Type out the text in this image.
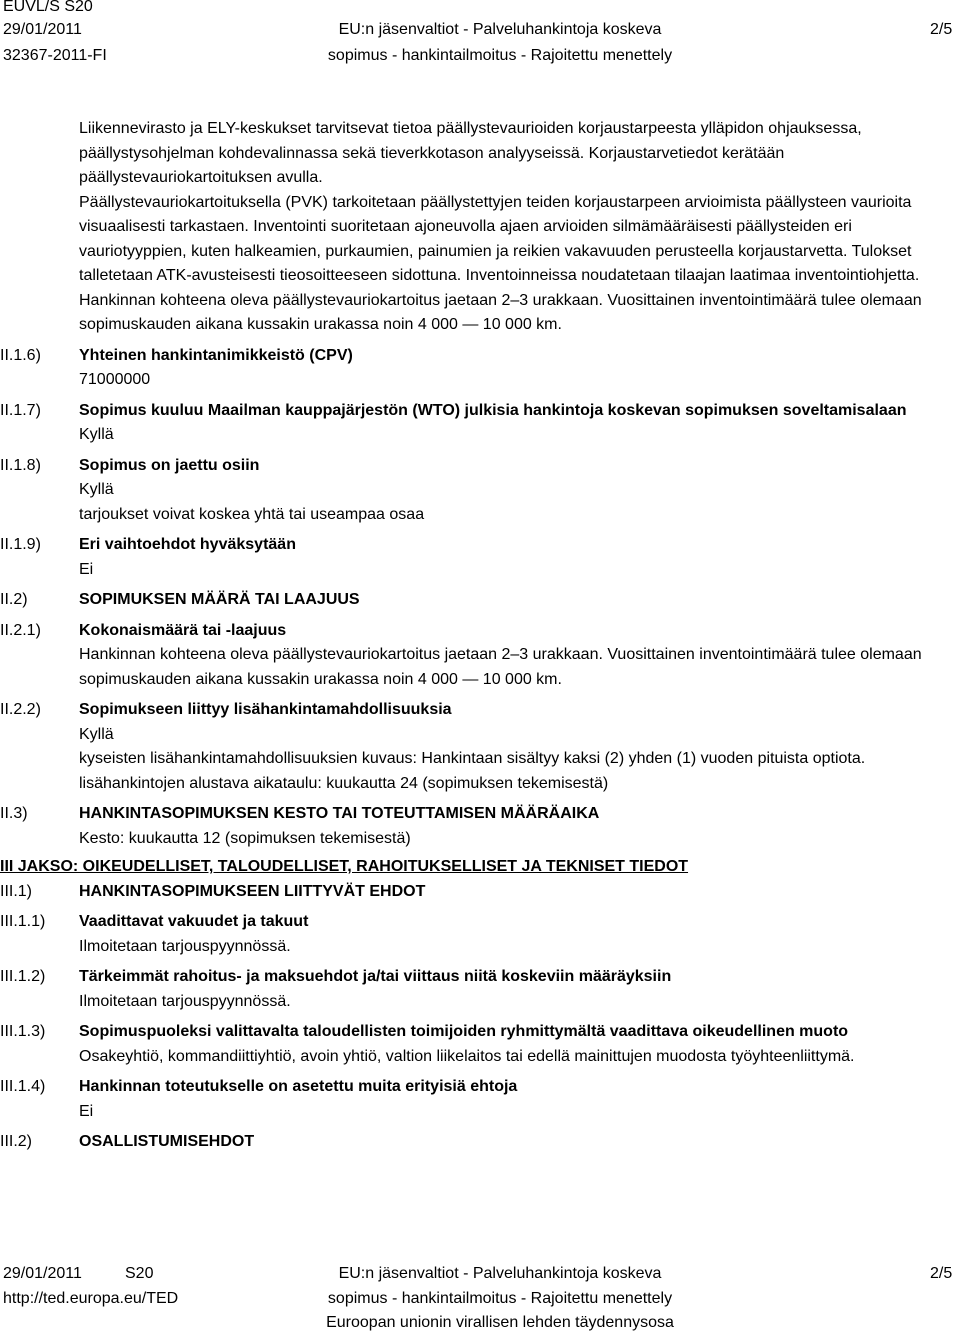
EUVL/S S20
29/01/2011
32367-2011-FI
EU:n jäsenvaltiot - Palveluhankintoja koskeva
sopimus - hankintailmoitus - Rajoitettu menettely
2/5

Liikennevirasto ja ELY-keskukset tarvitsevat tietoa päällystevaurioiden korjaustarpeesta ylläpidon ohjauksessa, päällystysohjelman kohdevalinnassa sekä tieverkkotason analyyseissä. Korjaustarvetiedot kerätään päällystevauriokartoituksen avulla.

Päällystevauriokartoituksella (PVK) tarkoitetaan päällystettyjen teiden korjaustarpeen arvioimista päällysteen vaurioita visuaalisesti tarkastaen. Inventointi suoritetaan ajoneuvolla ajaen arvioiden silmämääräisesti päällysteiden eri vauriotyyppien, kuten halkeamien, purkaumien, painumien ja reikien vakavuuden perusteella korjaustarvetta. Tulokset talletetaan ATK-avusteisesti tieosoitteeseen sidottuna. Inventoinneissa noudatetaan tilaajan laatimaa inventointiohjetta.

Hankinnan kohteena oleva päällystevauriokartoitus jaetaan 2–3 urakkaan. Vuosittainen inventointimäärä tulee olemaan sopimuskauden aikana kussakin urakassa noin 4 000 — 10 000 km.

II.1.6) Yhteinen hankintanimikkeistö (CPV)
71000000
II.1.7) Sopimus kuuluu Maailman kauppajärjestön (WTO) julkisia hankintoja koskevan sopimuksen soveltamisalaan
Kyllä
II.1.8) Sopimus on jaettu osiin
Kyllä
tarjoukset voivat koskea yhtä tai useampaa osaa
II.1.9) Eri vaihtoehdot hyväksytään
Ei
II.2)	SOPIMUKSEN MÄÄRÄ TAI LAAJUUS
II.2.1) Kokonaismäärä tai -laajuus
Hankinnan kohteena oleva päällystevauriokartoitus jaetaan 2–3 urakkaan. Vuosittainen inventointimäärä tulee olemaan sopimuskauden aikana kussakin urakassa noin 4 000 — 10 000 km.
II.2.2) Sopimukseen liittyy lisähankintamahdollisuuksia
Kyllä
kyseisten lisähankintamahdollisuuksien kuvaus: Hankintaan sisältyy kaksi (2) yhden (1) vuoden pituista optiota.
lisähankintojen alustava aikataulu: kuukautta 24 (sopimuksen tekemisestä)
II.3)	HANKINTASOPIMUKSEN KESTO TAI TOTEUTTAMISEN MÄÄRÄAIKA
Kesto: kuukautta 12 (sopimuksen tekemisestä)
III JAKSO: OIKEUDELLISET, TALOUDELLISET, RAHOITUKSELLISET JA TEKNISET TIEDOT
III.1)	HANKINTASOPIMUKSEEN LIITTYVÄT EHDOT
III.1.1) Vaadittavat vakuudet ja takuut
Ilmoitetaan tarjouspyynnössä.
III.1.2) Tärkeimmät rahoitus- ja maksuehdot ja/tai viittaus niitä koskeviin määräyksiin
Ilmoitetaan tarjouspyynnössä.
III.1.3) Sopimuspuoleksi valittavalta taloudellisten toimijoiden ryhmittymältä vaadittava oikeudellinen muoto
Osakeyhtiö, kommandiittiyhtiö, avoin yhtiö, valtion liikelaitos tai edellä mainittujen muodosta työyhteenliittymä.
III.1.4) Hankinnan toteutukselle on asetettu muita erityisiä ehtoja
Ei
III.2)	OSALLISTUMISEHDOT
29/01/2011	S20
http://ted.europa.eu/TED
EU:n jäsenvaltiot - Palveluhankintoja koskeva
sopimus - hankintailmoitus - Rajoitettu menettely
Euroopan unionin virallisen lehden täydennysosa
2/5
